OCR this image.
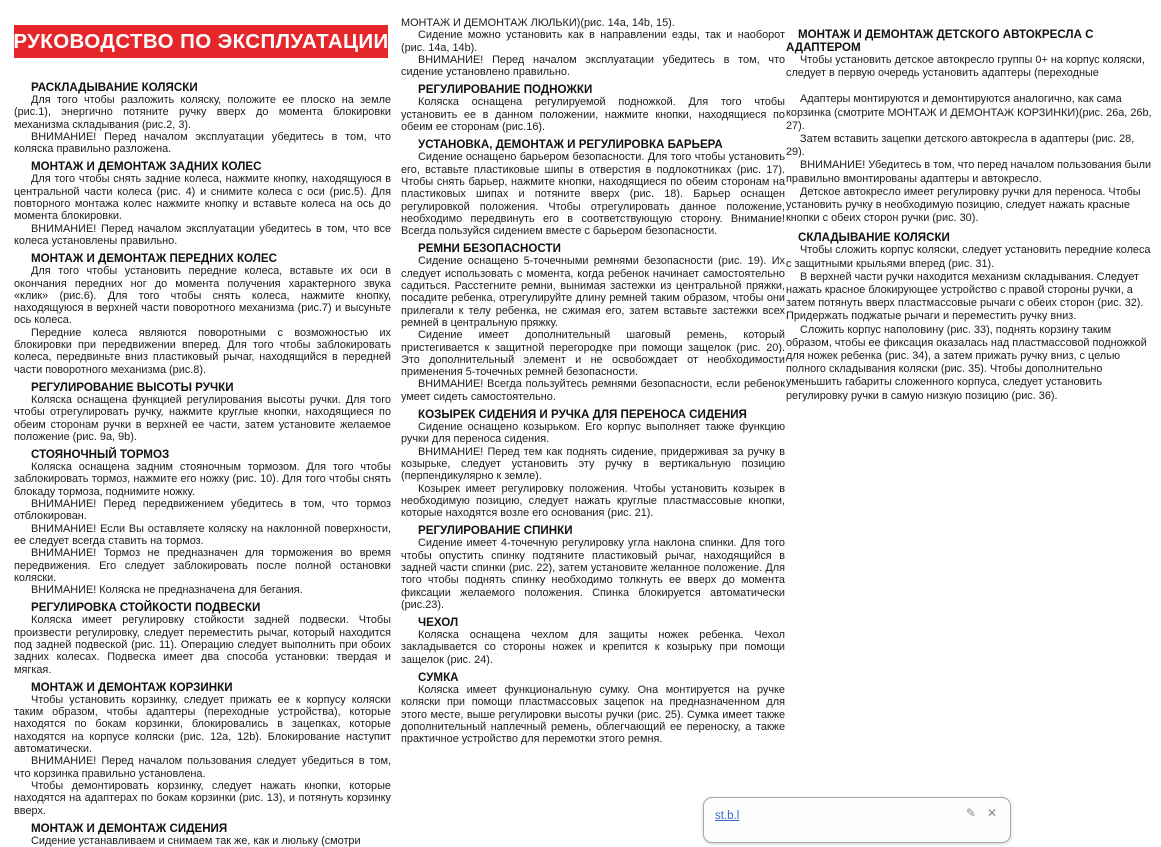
РУКОВОДСТВО ПО ЭКСПЛУАТАЦИИ
РАСКЛАДЫВАНИЕ КОЛЯСКИ

Для того чтобы разложить коляску, положите ее плоско на земле (рис.1), энергично потяните ручку вверх до момента блокировки механизма складывания (рис.2, 3).

ВНИМАНИЕ! Перед началом эксплуатации убедитесь в том, что коляска правильно разложена.

МОНТАЖ И ДЕМОНТАЖ ЗАДНИХ КОЛЕС

Для того чтобы снять задние колеса, нажмите кнопку, находящуюся в центральной части колеса (рис. 4) и снимите колеса с оси (рис.5). Для повторного монтажа колес нажмите кнопку и вставьте колеса на ось до момента блокировки.

ВНИМАНИЕ! Перед началом эксплуатации убедитесь в том, что все колеса установлены правильно.

МОНТАЖ И ДЕМОНТАЖ ПЕРЕДНИХ КОЛЕС

Для того чтобы установить передние колеса, вставьте их оси в окончания передних ног до момента получения характерного звука «клик» (рис.6). Для того чтобы снять колеса, нажмите кнопку, находящуюся в верхней части поворотного механизма (рис.7) и высуньте ось колеса.

Передние колеса являются поворотными с возможностью их блокировки при передвижении вперед. Для того чтобы заблокировать колеса, передвиньте вниз пластиковый рычаг, находящийся в передней части поворотного механизма (рис.8).

РЕГУЛИРОВАНИЕ ВЫСОТЫ РУЧКИ

Коляска оснащена функцией регулирования высоты ручки. Для того чтобы отрегулировать ручку, нажмите круглые кнопки, находящиеся по обеим сторонам ручки в верхней ее части, затем установите желаемое положение (рис. 9a, 9b).

СТОЯНОЧНЫЙ ТОРМОЗ

Коляска оснащена задним стояночным тормозом. Для того чтобы заблокировать тормоз, нажмите его ножку (рис. 10). Для того чтобы снять блокаду тормоза, поднимите ножку.

ВНИМАНИЕ! Перед передвижением убедитесь в том, что тормоз отблокирован.

ВНИМАНИЕ! Если Вы оставляете коляску на наклонной поверхности, ее следует всегда ставить на тормоз.

ВНИМАНИЕ! Тормоз не предназначен для торможения во время передвижения. Его следует заблокировать после полной остановки коляски.

ВНИМАНИЕ! Коляска не предназначена для бегания.

РЕГУЛИРОВКА СТОЙКОСТИ ПОДВЕСКИ

Коляска имеет регулировку стойкости задней подвески. Чтобы произвести регулировку, следует переместить рычаг, который находится под задней подвеской (рис. 11). Операцию следует выполнить при обоих задних колесах. Подвеска имеет два способа установки: твердая и мягкая.

МОНТАЖ И ДЕМОНТАЖ КОРЗИНКИ

Чтобы установить корзинку, следует прижать ее к корпусу коляски таким образом, чтобы адаптеры (переходные устройства), которые находятся по бокам корзинки, блокировались в зацепках, которые находятся на корпусе коляски (рис. 12a, 12b). Блокирование наступит автоматически.

ВНИМАНИЕ! Перед началом пользования следует убедиться в том, что корзинка правильно установлена.

Чтобы демонтировать корзинку, следует нажать кнопки, которые находятся на адаптерах по бокам корзинки (рис. 13), и потянуть корзинку вверх.

МОНТАЖ И ДЕМОНТАЖ СИДЕНИЯ

Сидение устанавливаем и снимаем так же, как и люльку (смотри

МОНТАЖ И ДЕМОНТАЖ ЛЮЛЬКИ)(рис. 14a, 14b, 15).

Сидение можно установить как в направлении езды, так и наоборот (рис. 14a, 14b).

ВНИМАНИЕ! Перед началом эксплуатации убедитесь в том, что сидение установлено правильно.

РЕГУЛИРОВАНИЕ ПОДНОЖКИ

Коляска оснащена регулируемой подножкой. Для того чтобы установить ее в данном положении, нажмите кнопки, находящиеся по обеим ее сторонам (рис.16).

УСТАНОВКА, ДЕМОНТАЖ И РЕГУЛИРОВКА БАРЬЕРА

Сидение оснащено барьером безопасности. Для того чтобы установить его, вставьте пластиковые шипы в отверстия в подлокотниках (рис. 17). Чтобы снять барьер, нажмите кнопки, находящиеся по обеим сторонам на пластиковых шипах и потяните вверх (рис. 18). Барьер оснащен регулировкой положения. Чтобы отрегулировать данное положение, необходимо передвинуть его в соответствующую сторону. Внимание! Всегда пользуйся сидением вместе с барьером безопасности.

РЕМНИ БЕЗОПАСНОСТИ

Сидение оснащено 5-точечными ремнями безопасности (рис. 19). Их следует использовать с момента, когда ребенок начинает самостоятельно садиться. Расстегните ремни, вынимая застежки из центральной пряжки, посадите ребенка, отрегулируйте длину ремней таким образом, чтобы они прилегали к телу ребенка, не сжимая его, затем вставьте застежки всех ремней в центральную пряжку.

Сидение имеет дополнительный шаговый ремень, который пристегивается к защитной перегородке при помощи защелок (рис. 20). Это дополнительный элемент и не освобождает от необходимости применения 5-точечных ремней безопасности.

ВНИМАНИЕ! Всегда пользуйтесь ремнями безопасности, если ребенок умеет сидеть самостоятельно.

КОЗЫРЕК СИДЕНИЯ И РУЧКА ДЛЯ ПЕРЕНОСА СИДЕНИЯ

Сидение оснащено козырьком. Его корпус выполняет также функцию ручки для переноса сидения.

ВНИМАНИЕ! Перед тем как поднять сидение, придерживая за ручку в козырьке, следует установить эту ручку в вертикальную позицию (перпендикулярно к земле).

Козырек имеет регулировку положения. Чтобы установить козырек в необходимую позицию, следует нажать круглые пластмассовые кнопки, которые находятся возле его основания (рис. 21).

РЕГУЛИРОВАНИЕ СПИНКИ

Сидение имеет 4-точечную регулировку угла наклона спинки. Для того чтобы опустить спинку подтяните пластиковый рычаг, находящийся в задней части спинки (рис. 22), затем установите желанное положение. Для того чтобы поднять спинку необходимо толкнуть ее вверх до момента фиксации желаемого положения. Спинка блокируется автоматически (рис.23).

ЧЕХОЛ

Коляска оснащена чехлом для защиты ножек ребенка. Чехол закладывается со стороны ножек и крепится к козырьку при помощи защелок (рис. 24).

СУМКА

Коляска имеет функциональную сумку. Она монтируется на ручке коляски при помощи пластмассовых зацепок на предназначенном для этого месте, выше регулировки высоты ручки (рис. 25). Сумка имеет также дополнительный наплечный ремень, облегчающий ее переноску, а также практичное устройство для перемотки этого ремня.

МОНТАЖ И ДЕМОНТАЖ ДЕТСКОГО АВТОКРЕСЛА С АДАПТЕРОМ

Чтобы установить детское автокресло группы 0+ на корпус коляски, следует в первую очередь установить адаптеры (переходные

Адаптеры монтируются и демонтируются аналогично, как сама корзинка (смотрите МОНТАЖ И ДЕМОНТАЖ КОРЗИНКИ)(рис. 26a, 26b, 27).

Затем вставить зацепки детского автокресла в адаптеры (рис. 28, 29).

ВНИМАНИЕ! Убедитесь в том, что перед началом пользования были правильно вмонтированы адаптеры и автокресло.

Детское автокресло имеет регулировку ручки для переноса. Чтобы установить ручку в необходимую позицию, следует нажать красные кнопки с обеих сторон ручки (рис. 30).

СКЛАДЫВАНИЕ КОЛЯСКИ

Чтобы сложить корпус коляски, следует установить передние колеса с защитными крыльями вперед (рис. 31).

В верхней части ручки находится механизм складывания. Следует нажать красное блокирующее устройство с правой стороны ручки, а затем потянуть вверх пластмассовые рычаги с обеих сторон (рис. 32). Придержать поджатые рычаги и переместить ручку вниз.

Сложить корпус наполовину (рис. 33), поднять корзину таким образом, чтобы ее фиксация оказалась над пластмассовой подножкой для ножек ребенка (рис. 34), а затем прижать ручку вниз, с целью полного складывания коляски (рис. 35). Чтобы дополнительно уменьшить габариты сложенного корпуса, следует установить регулировку ручки в самую низкую позицию (рис. 36).

st.b.l	✎ ✕
